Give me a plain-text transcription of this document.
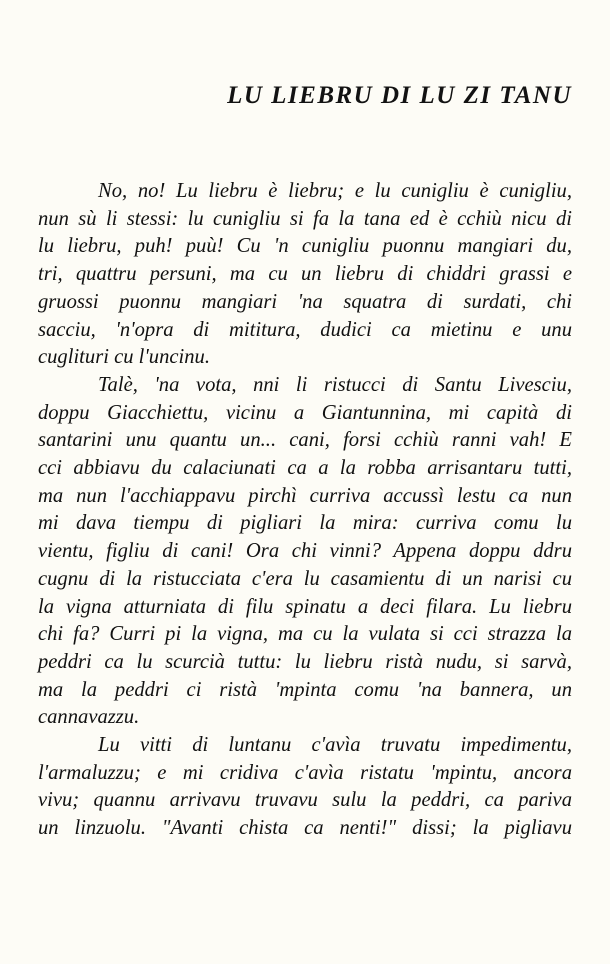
LU LIEBRU DI LU ZI TANU
No, no! Lu liebru è liebru; e lu cunigliu è cunigliu,
nun sù li stessi: lu cunigliu si fa la tana ed è cchiù nicu di
lu liebru, puh! puù! Cu 'n cunigliu puonnu mangiari du,
tri, quattru persuni, ma cu un liebru di chiddri grassi e
gruossi puonnu mangiari 'na squatra di surdati, chi
sacciu, 'n'opra di mititura, dudici ca mietinu e unu
cugliturі cu l'uncinu.
Talè, 'na vota, nni li ristucci di Santu Livesciu,
doppu Giacchiettu, vicinu a Giantunnina, mi capità di
santarini unu quantu un... cani, forsi cchiù ranni vah! E
cci abbiavu du calaciunati ca a la robba arrisantaru tutti,
ma nun l'acchiappavu pirchì curriva accussì lestu ca nun
mi dava tiempu di pigliari la mira: curriva comu lu
vientu, figliu di cani! Ora chi vinni? Appena doppu ddru
cugnu di la ristucciata c'era lu casamientu di un narisi cu
la vigna atturniata di filu spinatu a deci filara. Lu liebru
chi fa? Curri pi la vigna, ma cu la vulata si cci strazza la
peddri ca lu scurcià tuttu: lu liebru ristà nudu, si sarvà,
ma la peddri ci ristà 'mpinta comu 'na bannera, un
cannavazzu.
Lu vitti di luntanu c'avìa truvatu impedimentu,
l'armaluzzu; e mi cridiva c'avìa ristatu 'mpintu, ancora
vivu; quannu arrivavu truvavu sulu la peddri, ca pariva
un linzuolu. "Avanti chista ca nenti!" dissi; la pigliavu
